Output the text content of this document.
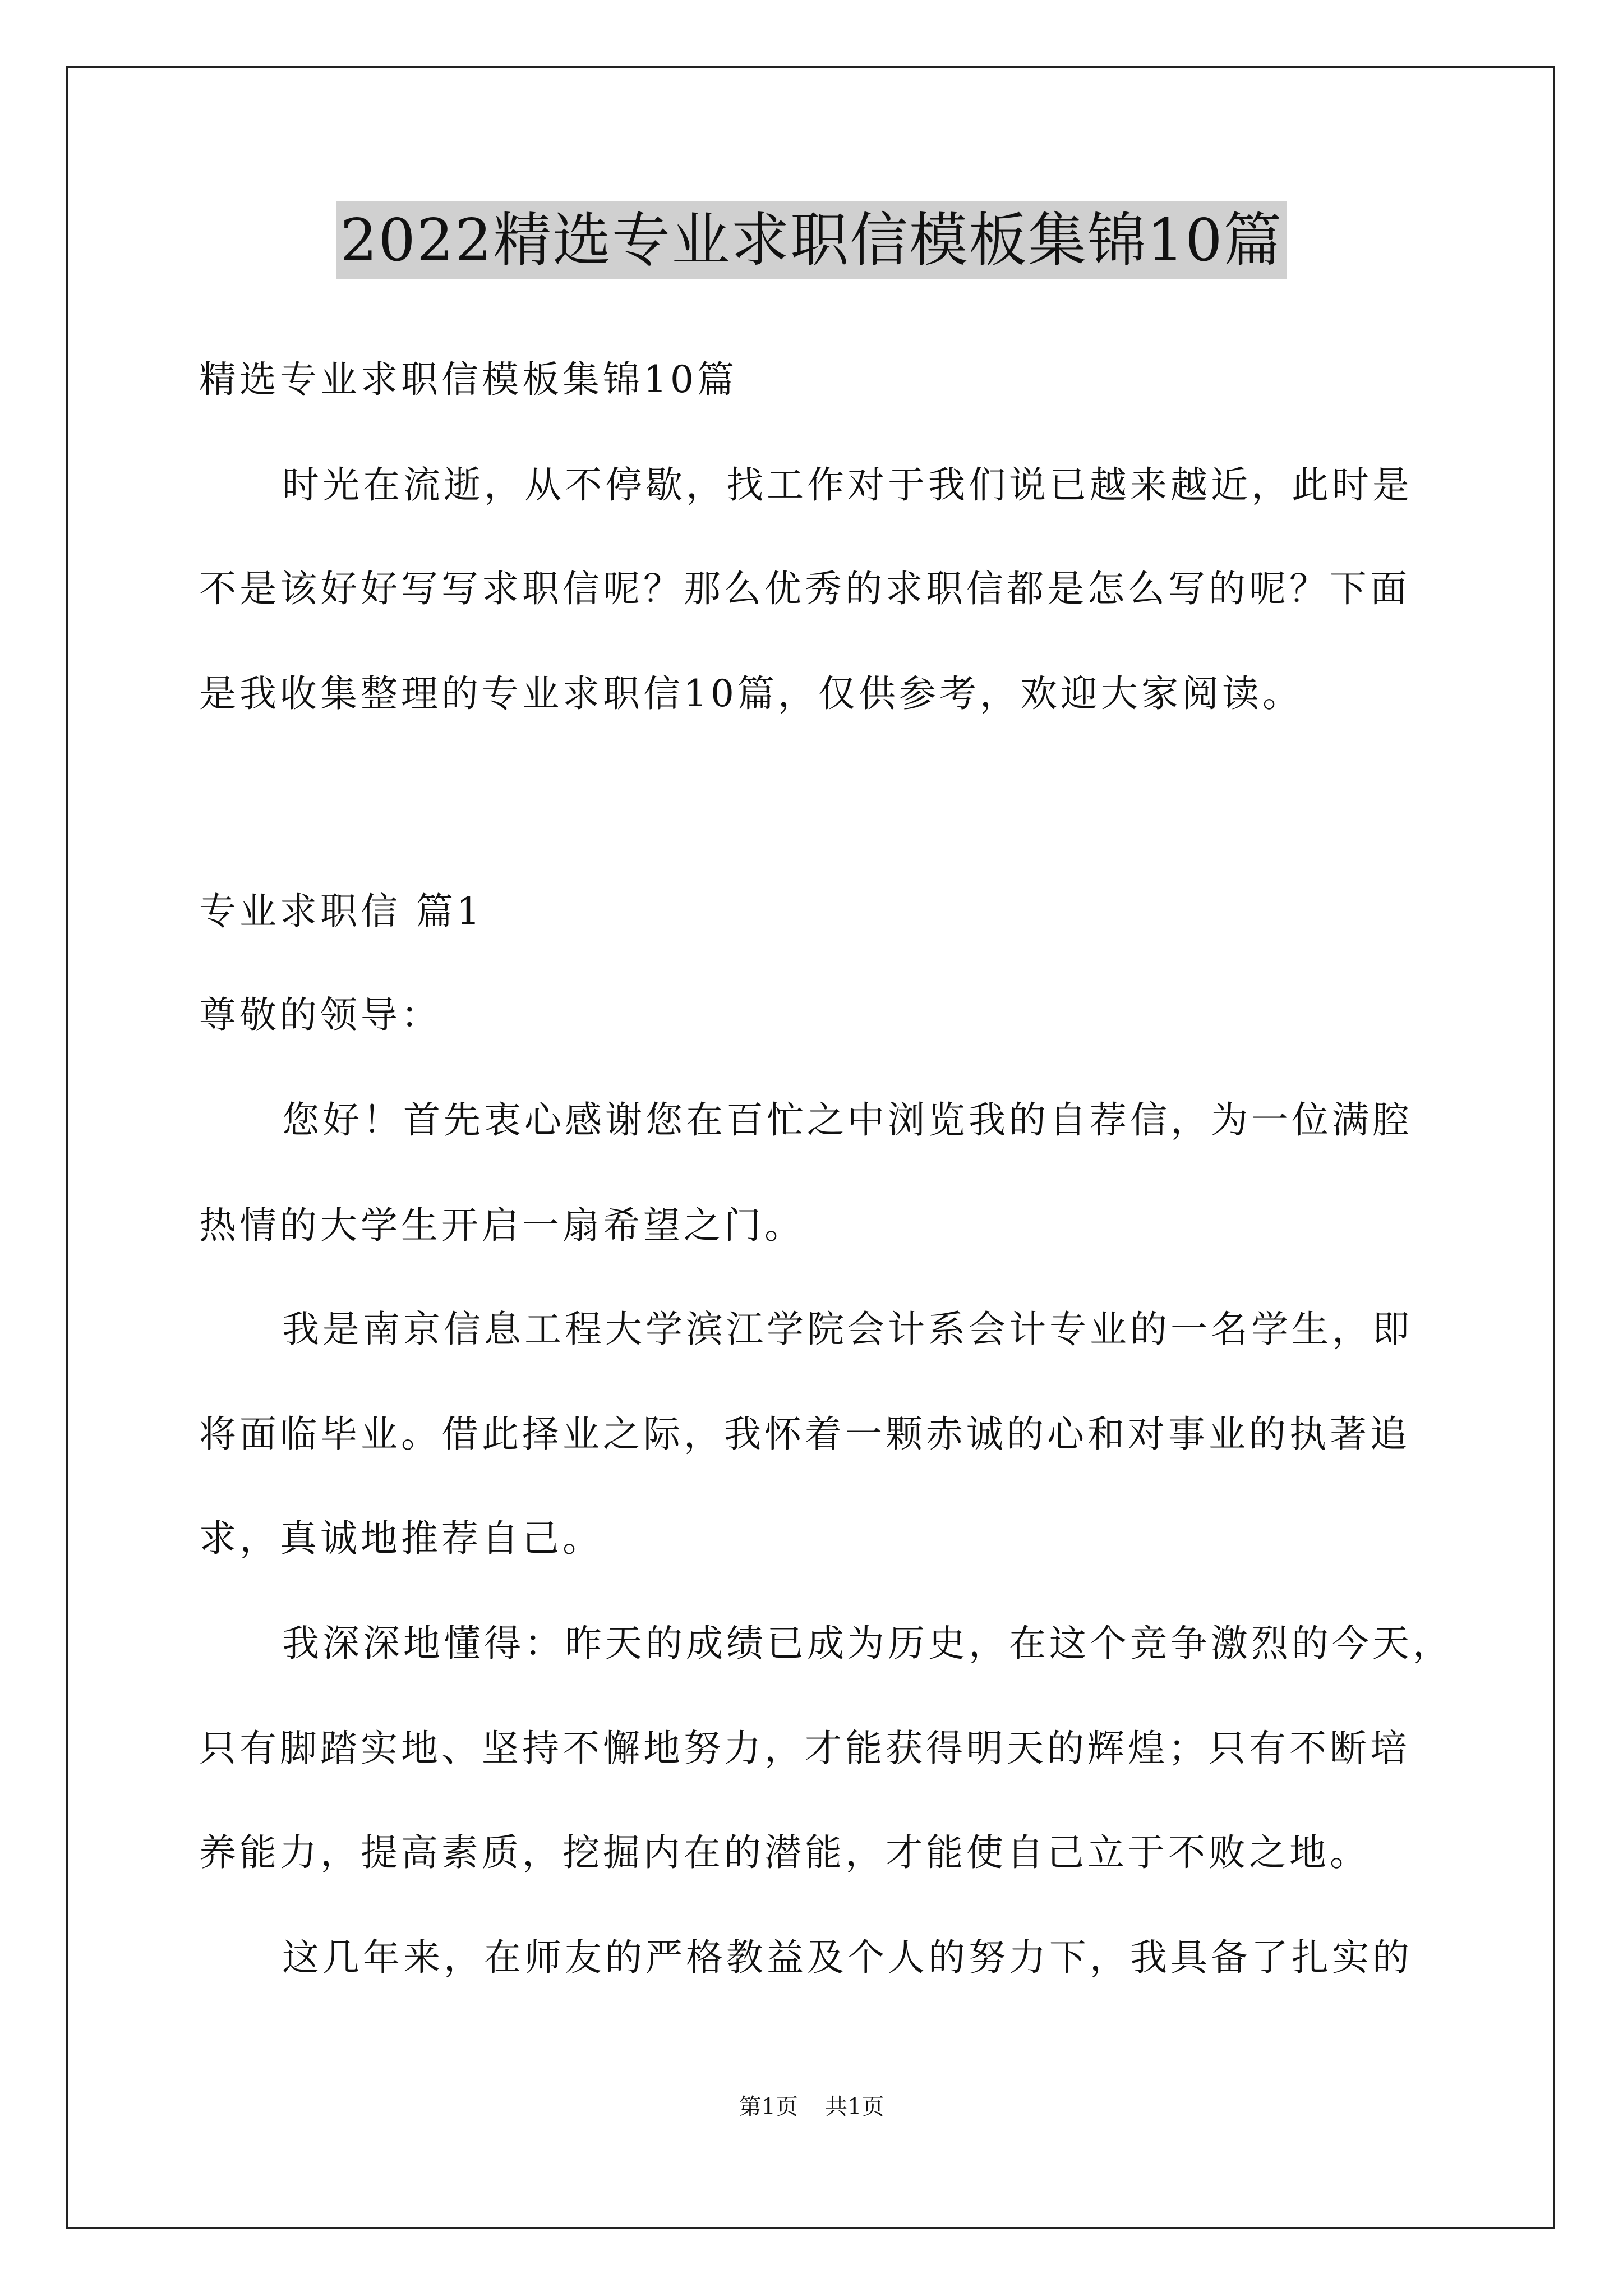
2022精选专业求职信模板集锦10篇
精选专业求职信模板集锦10篇
时光在流逝，从不停歇，找工作对于我们说已越来越近，此时是
不是该好好写写求职信呢？那么优秀的求职信都是怎么写的呢？下面
是我收集整理的专业求职信10篇，仅供参考，欢迎大家阅读。
专业求职信 篇1
尊敬的领导：
您好！首先衷心感谢您在百忙之中浏览我的自荐信，为一位满腔
热情的大学生开启一扇希望之门。
我是南京信息工程大学滨江学院会计系会计专业的一名学生，即
将面临毕业。借此择业之际，我怀着一颗赤诚的心和对事业的执著追
求，真诚地推荐自己。
我深深地懂得：昨天的成绩已成为历史，在这个竞争激烈的今天，
只有脚踏实地、坚持不懈地努力，才能获得明天的辉煌；只有不断培
养能力，提高素质，挖掘内在的潜能，才能使自己立于不败之地。
这几年来，在师友的严格教益及个人的努力下，我具备了扎实的
第1页 共1页
